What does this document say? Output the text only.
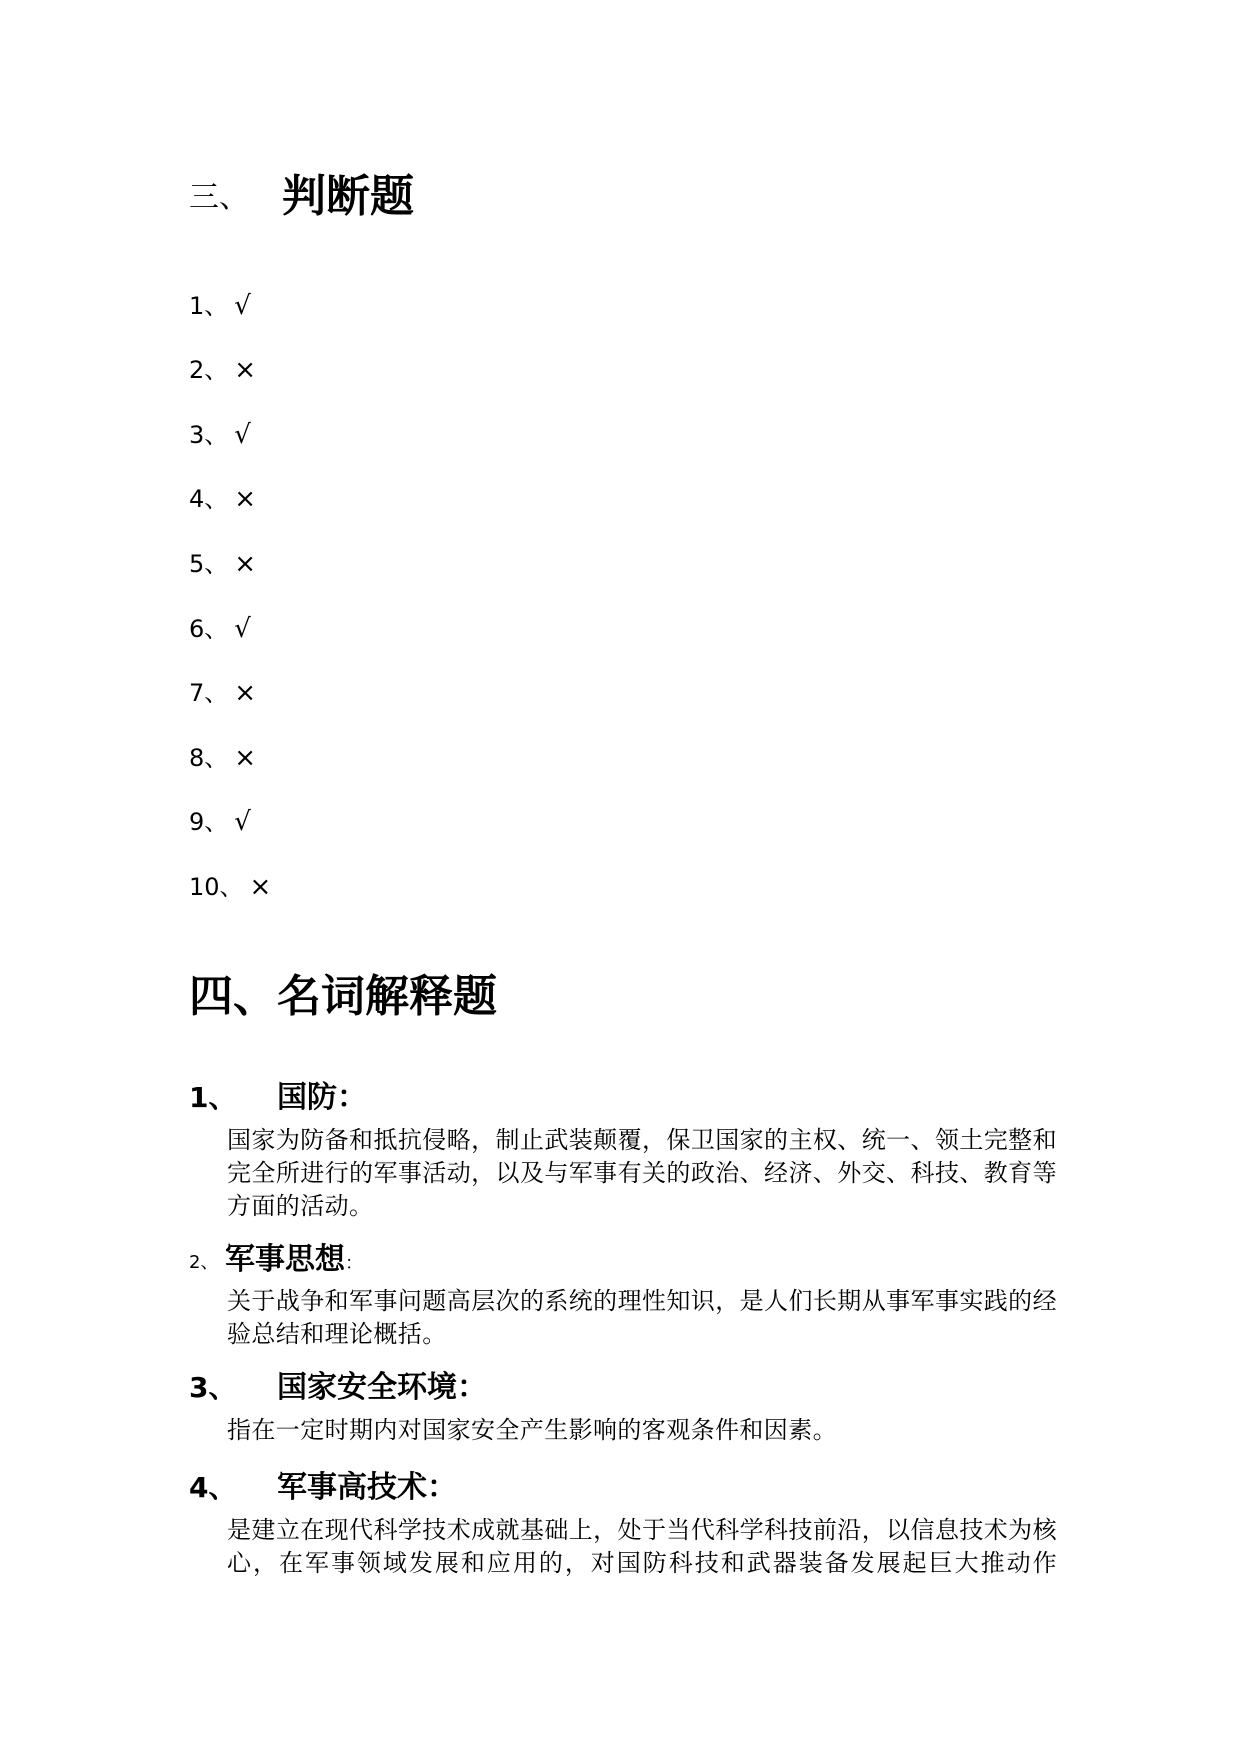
三、 判断题
1、 √
2、 ×
3、 √
4、 ×
5、 ×
6、 √
7、 ×
8、 ×
9、 √
10、 ×
四、名词解释题
1、 国防：
国家为防备和抵抗侵略，制止武装颠覆，保卫国家的主权、统一、领土完整和完全所进行的军事活动，以及与军事有关的政治、经济、外交、科技、教育等方面的活动。
2、 军事思想：
关于战争和军事问题高层次的系统的理性知识，是人们长期从事军事实践的经验总结和理论概括。
3、 国家安全环境：
指在一定时期内对国家安全产生影响的客观条件和因素。
4、 军事高技术：
是建立在现代科学技术成就基础上，处于当代科学科技前沿，以信息技术为核心，在军事领域发展和应用的，对国防科技和武器装备发展起巨大推动作
